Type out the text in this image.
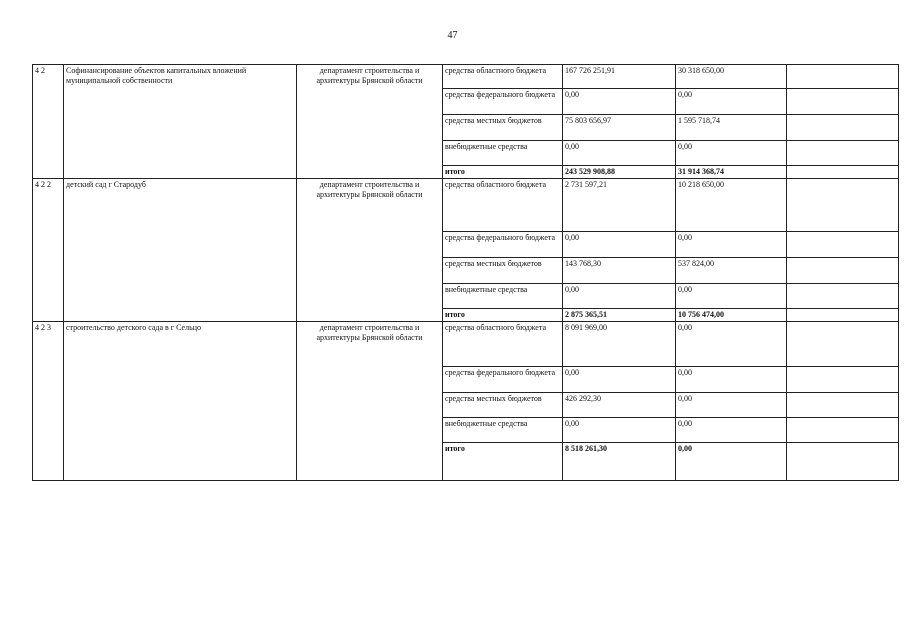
47
4 2	Софинансирование объектов капитальных вложений муниципальной собственности	департамент строительства и архитектуры Брянской области	средства областного бюджета	167 726 251,91	30 318 650,00	
			средства федерального бюджета	0,00	0,00	
			средства местных бюджетов	75 803 656,97	1 595 718,74	
			внебюджетные средства	0,00	0,00	
			итого	243 529 908,88	31 914 368,74	
4 2 2	детский сад г Стародуб	департамент строительства и архитектуры Брянской области	средства областного бюджета	2 731 597,21	10 218 650,00	
			средства федерального бюджета	0,00	0,00	
			средства местных бюджетов	143 768,30	537 824,00	
			внебюджетные средства	0,00	0,00	
			итого	2 875 365,51	10 756 474,00	
4 2 3	строительство детского сада в г Сельцо	департамент строительства и архитектуры Брянской области	средства областного бюджета	8 091 969,00	0,00	
			средства федерального бюджета	0,00	0,00	
			средства местных бюджетов	426 292,30	0,00	
			внебюджетные средства	0,00	0,00	
			итого	8 518 261,30	0,00	
